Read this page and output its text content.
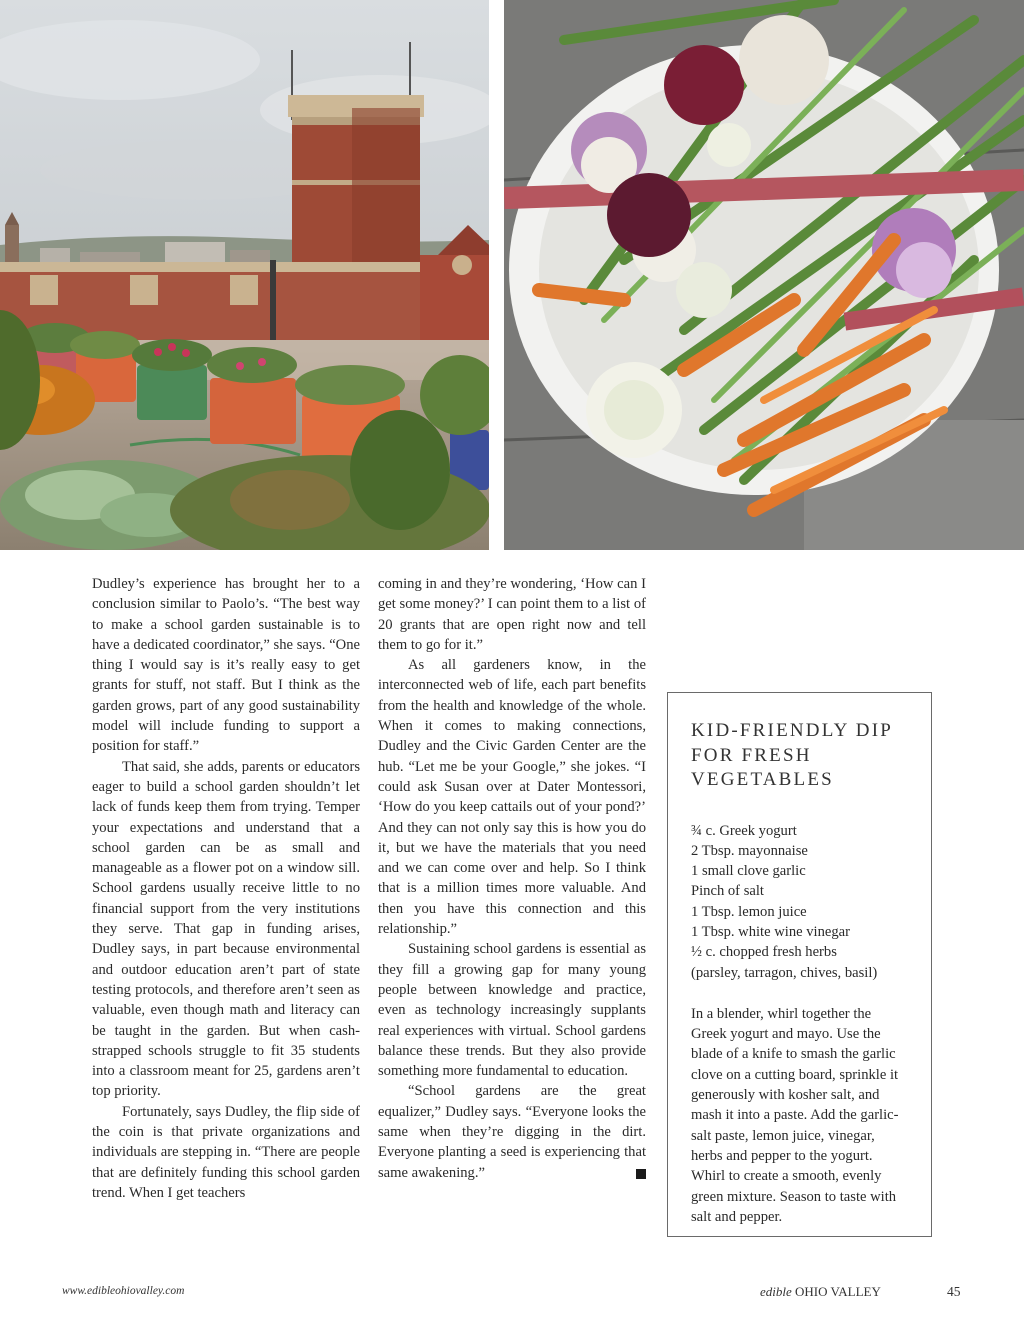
Dudley’s experience has brought her to a conclusion similar to Paolo’s. “The best way to make a school garden sustainable is to have a dedicated coordinator,” she says. “One thing I would say is it’s really easy to get grants for stuff, not staff. But I think as the garden grows, part of any good sustainability model will include funding to support a position for staff.”

That said, she adds, parents or educators eager to build a school garden shouldn’t let lack of funds keep them from trying. Temper your expectations and understand that a school garden can be as small and manageable as a flower pot on a window sill. School gardens usually receive little to no financial support from the very institutions they serve. That gap in funding arises, Dudley says, in part because environmental and outdoor education aren’t part of state testing protocols, and therefore aren’t seen as valuable, even though math and literacy can be taught in the garden. But when cash-strapped schools struggle to fit 35 students into a classroom meant for 25, gardens aren’t top priority.

Fortunately, says Dudley, the flip side of the coin is that private organizations and individuals are stepping in. “There are people that are definitely funding this school garden trend. When I get teachers

coming in and they’re wondering, ‘How can I get some money?’ I can point them to a list of 20 grants that are open right now and tell them to go for it.”

As all gardeners know, in the interconnected web of life, each part benefits from the health and knowledge of the whole. When it comes to making connections, Dudley and the Civic Garden Center are the hub. “Let me be your Google,” she jokes. “I could ask Susan over at Dater Montessori, ‘How do you keep cattails out of your pond?’ And they can not only say this is how you do it, but we have the materials that you need and we can come over and help. So I think that is a million times more valuable. And then you have this connection and this relationship.”

Sustaining school gardens is essential as they fill a growing gap for many young people between knowledge and practice, even as technology increasingly supplants real experiences with virtual. School gardens balance these trends. But they also provide something more fundamental to education.

“School gardens are the great equalizer,” Dudley says. “Everyone looks the same when they’re digging in the dirt. Everyone planting a seed is experiencing that same awakening.”

KID-FRIENDLY DIP FOR FRESH VEGETABLES
¾ c. Greek yogurt
2 Tbsp. mayonnaise
1 small clove garlic
Pinch of salt
1 Tbsp. lemon juice
1 Tbsp. white wine vinegar
½ c. chopped fresh herbs
(parsley, tarragon, chives, basil)

In a blender, whirl together the Greek yogurt and mayo. Use the blade of a knife to smash the garlic clove on a cutting board, sprinkle it generously with kosher salt, and mash it into a paste. Add the garlic-salt paste, lemon juice, vinegar, herbs and pepper to the yogurt. Whirl to create a smooth, evenly green mixture. Season to taste with salt and pepper.

www.edibleohiovalley.com	edible OHIO VALLEY	45
